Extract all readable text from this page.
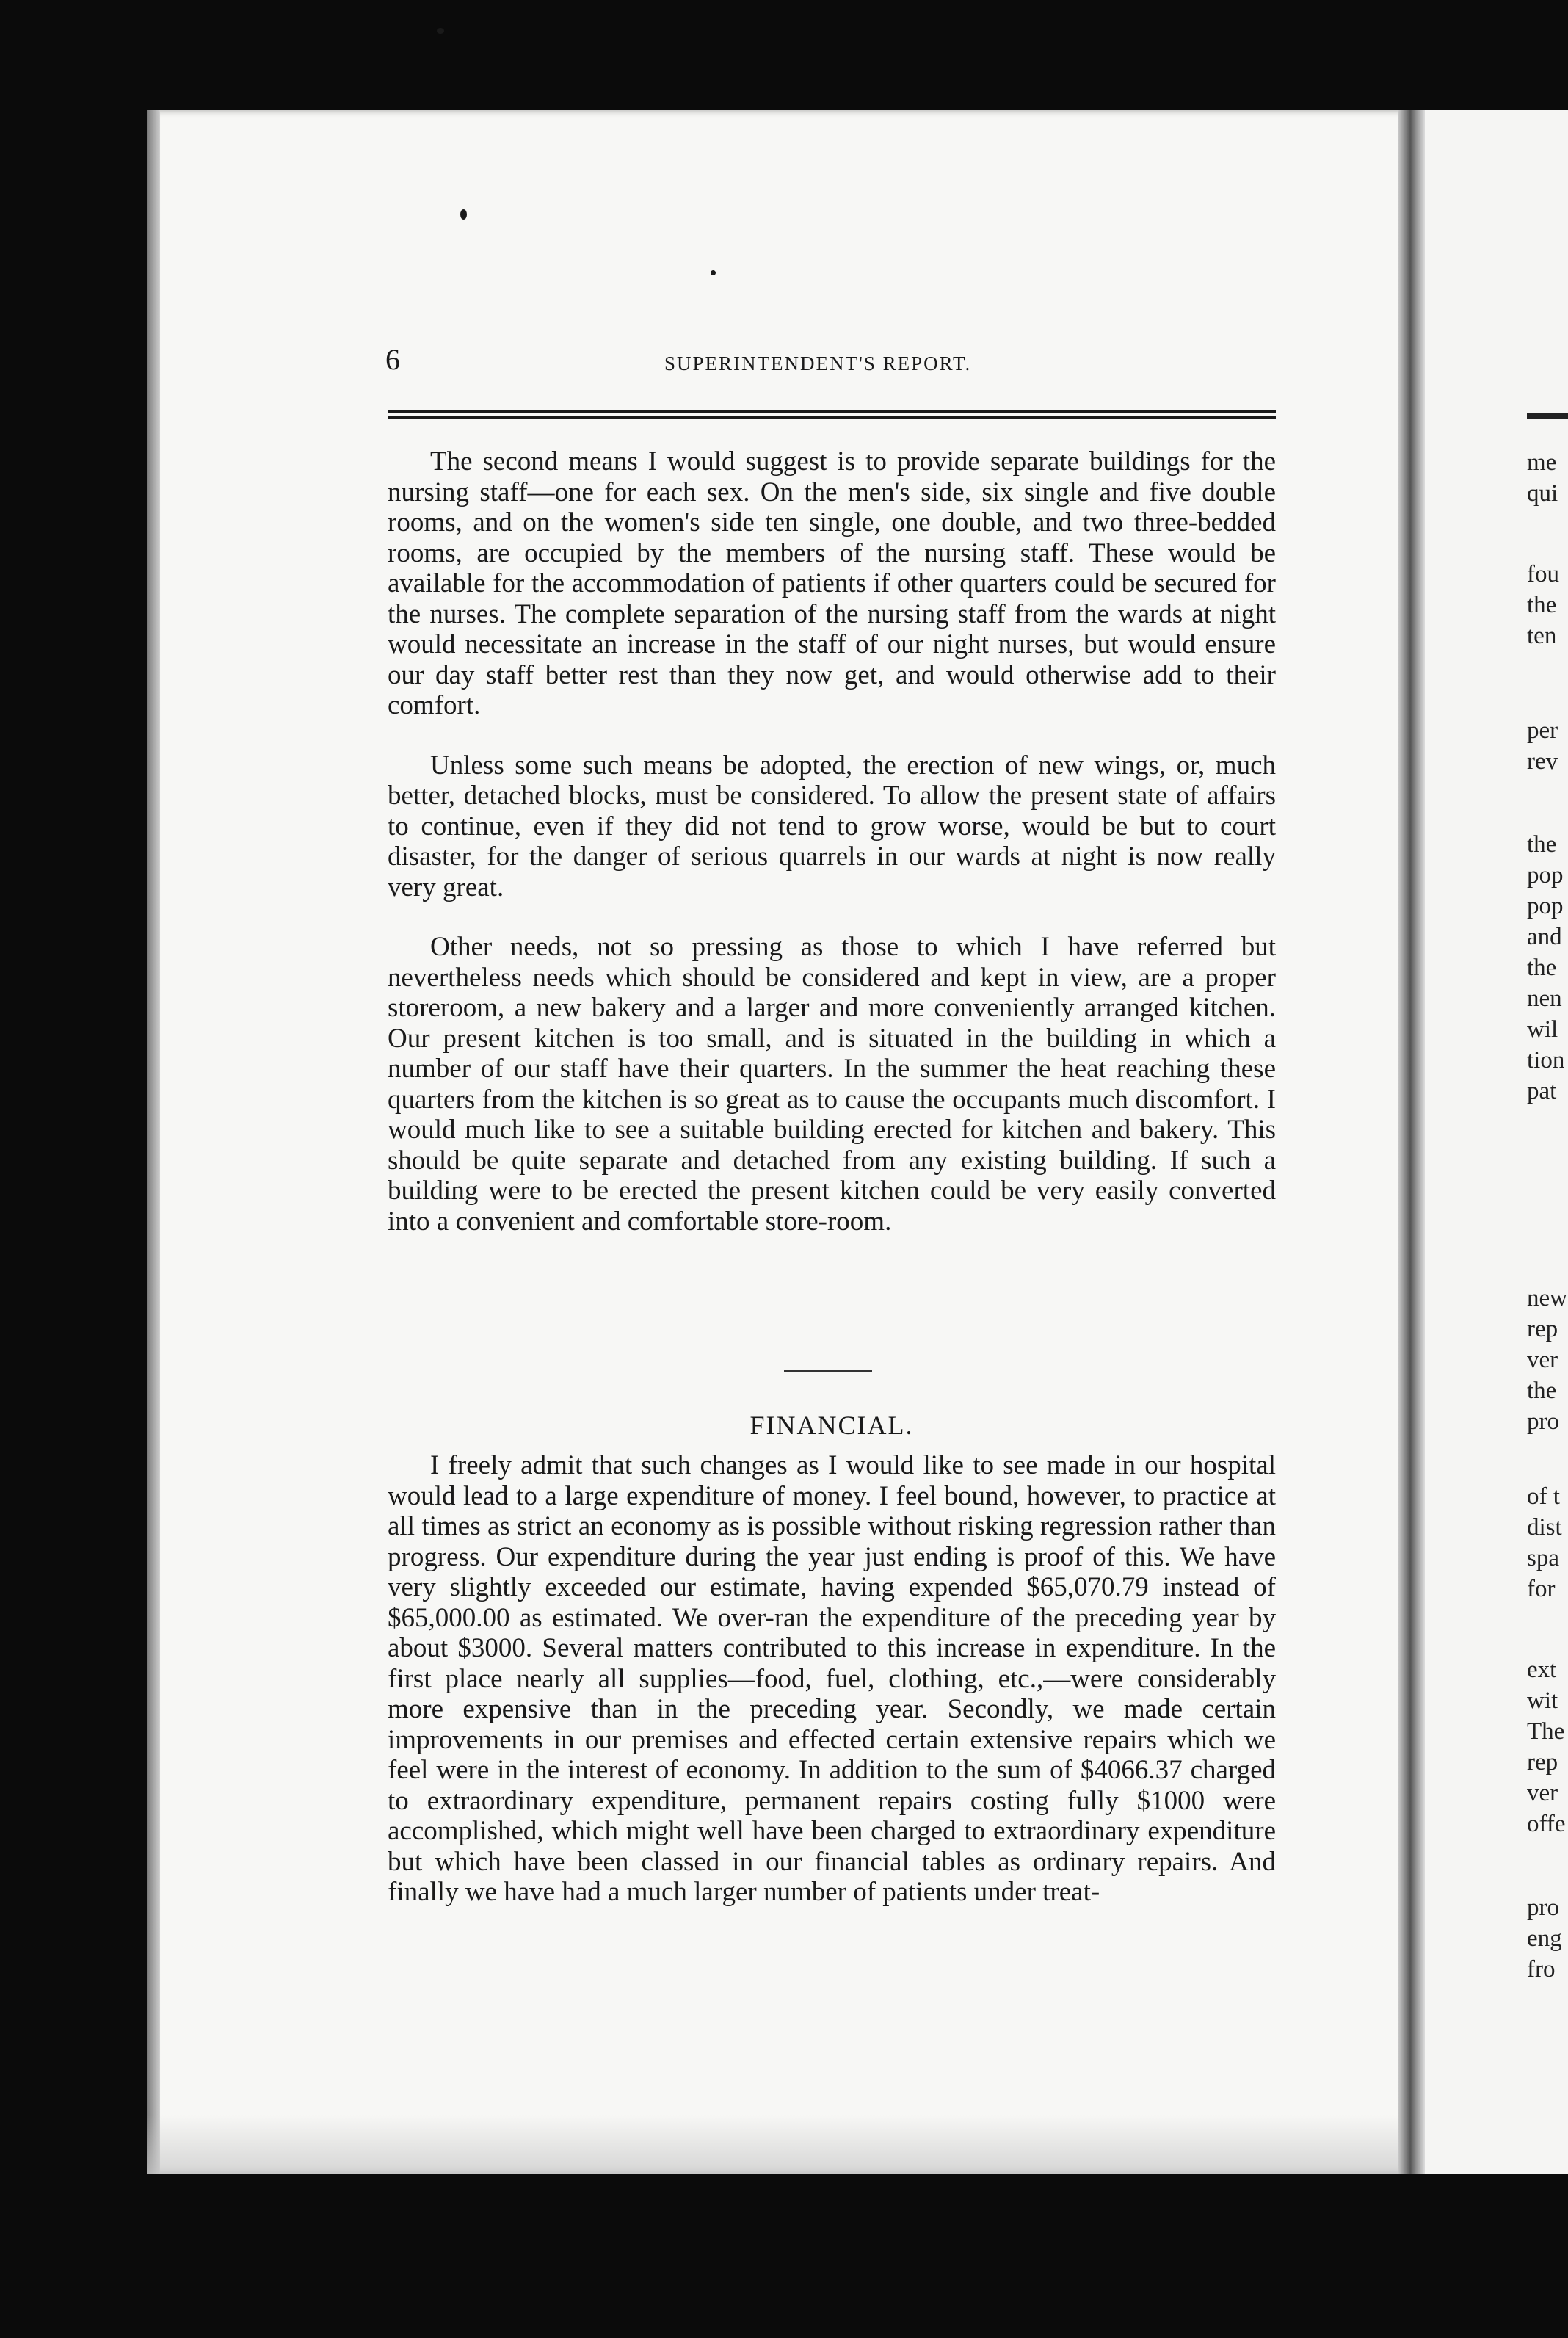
me
qui
fou
the
ten
per
rev
the
pop
pop
and
the
nen
wil
tion
pat
new
rep
ver
the
pro
of t
dist
spa
for
ext
wit
The
rep
ver
offe
pro
eng
fro
6	SUPERINTENDENT'S REPORT.

The second means I would suggest is to provide separate buildings for the nursing staff—one for each sex. On the men's side, six single and five double rooms, and on the women's side ten single, one double, and two three-bedded rooms, are occupied by the members of the nursing staff. These would be available for the accommodation of patients if other quarters could be secured for the nurses. The complete separation of the nursing staff from the wards at night would necessitate an increase in the staff of our night nurses, but would ensure our day staff better rest than they now get, and would otherwise add to their comfort.

Unless some such means be adopted, the erection of new wings, or, much better, detached blocks, must be considered. To allow the present state of affairs to continue, even if they did not tend to grow worse, would be but to court disaster, for the danger of serious quarrels in our wards at night is now really very great.

Other needs, not so pressing as those to which I have referred but nevertheless needs which should be considered and kept in view, are a proper storeroom, a new bakery and a larger and more conveniently arranged kitchen. Our present kitchen is too small, and is situated in the building in which a number of our staff have their quarters. In the summer the heat reaching these quarters from the kitchen is so great as to cause the occupants much discomfort. I would much like to see a suitable building erected for kitchen and bakery. This should be quite separate and detached from any existing building. If such a building were to be erected the present kitchen could be very easily converted into a convenient and comfortable store-room.

FINANCIAL.

I freely admit that such changes as I would like to see made in our hospital would lead to a large expenditure of money. I feel bound, however, to practice at all times as strict an economy as is possible without risking regression rather than progress. Our expenditure during the year just ending is proof of this. We have very slightly exceeded our estimate, having expended $65,070.79 instead of $65,000.00 as estimated. We over-ran the expenditure of the preceding year by about $3000. Several matters contributed to this increase in expenditure. In the first place nearly all supplies—food, fuel, clothing, etc.,—were considerably more expensive than in the preceding year. Secondly, we made certain improvements in our premises and effected certain extensive repairs which we feel were in the interest of economy. In addition to the sum of $4066.37 charged to extraordinary expenditure, permanent repairs costing fully $1000 were accomplished, which might well have been charged to extraordinary expenditure but which have been classed in our financial tables as ordinary repairs. And finally we have had a much larger number of patients under treat-
